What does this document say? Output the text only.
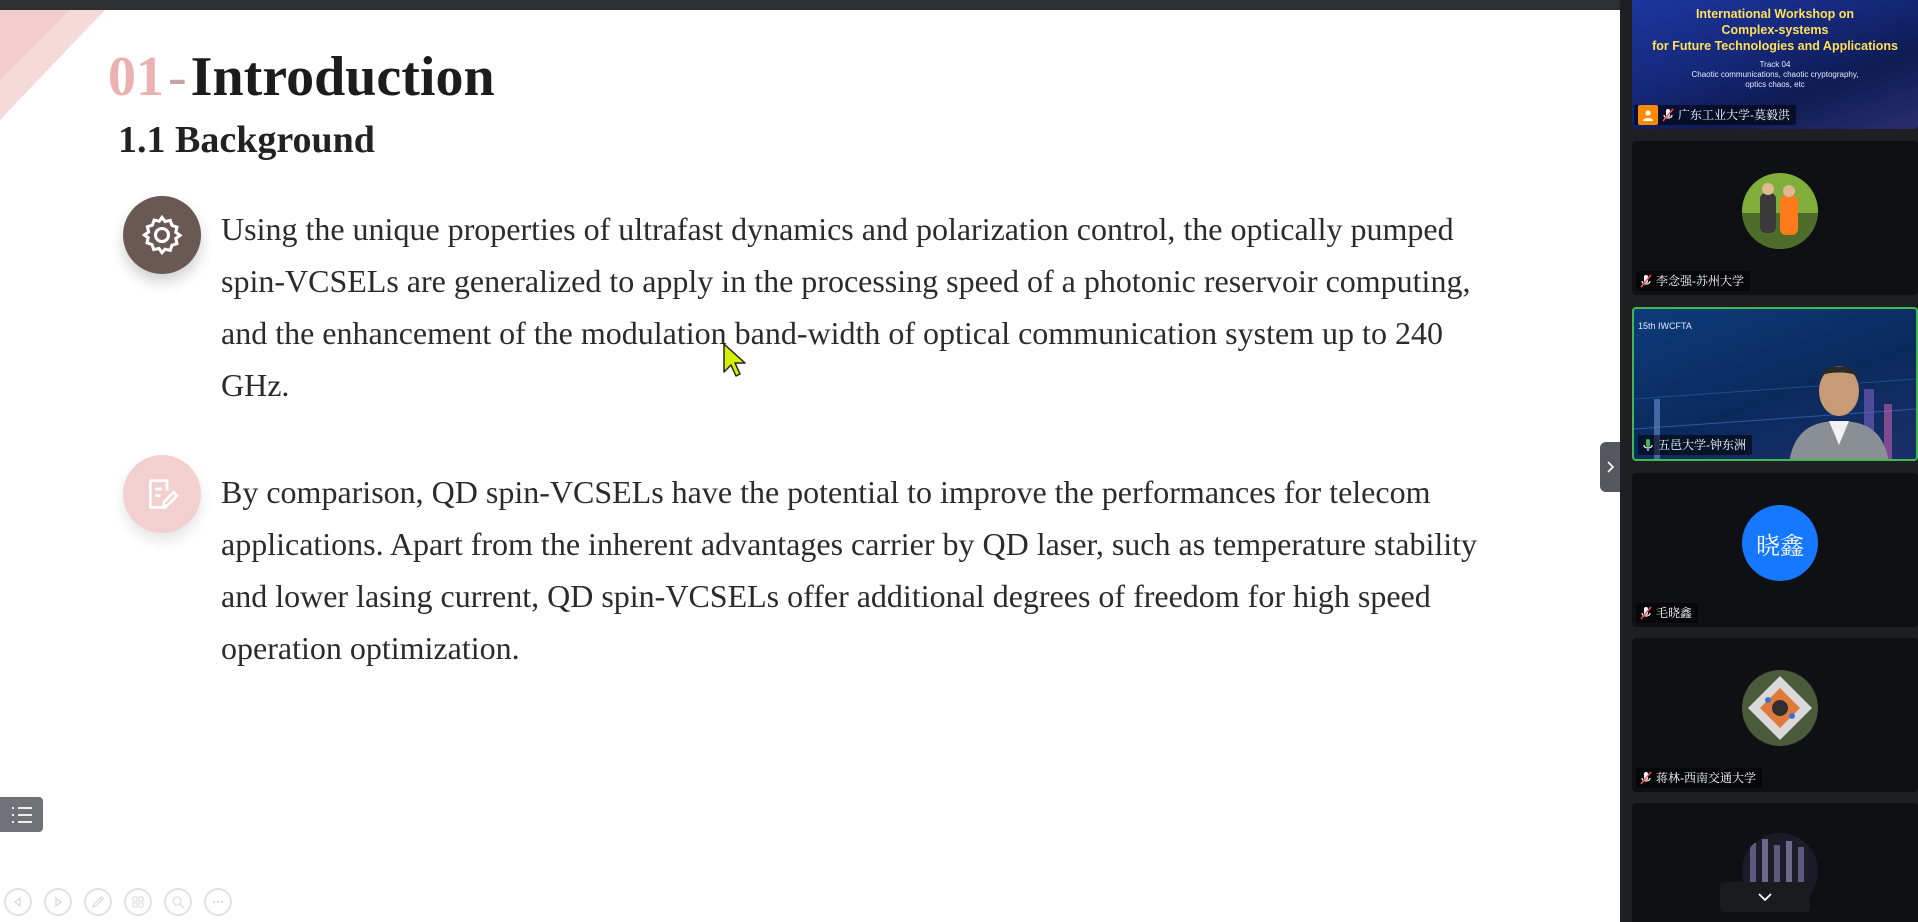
01-Introduction
1.1 Background
Using the unique properties of ultrafast dynamics and polarization control, the optically pumped spin-VCSELs are generalized to apply in the processing speed of a photonic reservoir computing, and the enhancement of the modulation band-width of optical communication system up to 240 GHz.
By comparison, QD spin-VCSELs have the potential to improve the performances for telecom applications. Apart from the inherent advantages carrier by QD laser, such as temperature stability and lower lasing current, QD spin-VCSELs offer additional degrees of freedom for high speed operation optimization.
International Workshop on
Complex-systems
for Future Technologies and Applications
Track 04
Chaotic communications, chaotic cryptography,
optics chaos, etc
广东工业大学-莫毅洪
李念强-苏州大学
15th IWCFTA
五邑大学-钟东洲
晓鑫
毛晓鑫
蒋林-西南交通大学
